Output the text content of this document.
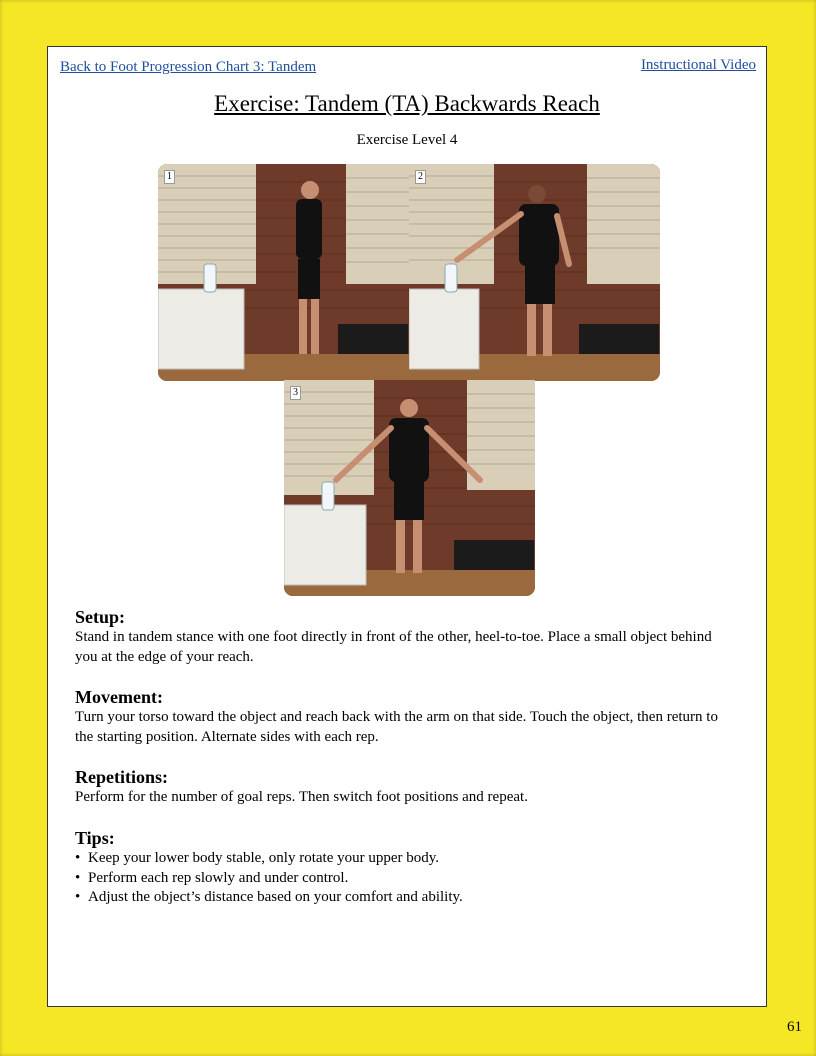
Back to Foot Progression Chart 3: Tandem	Instructional Video
Exercise: Tandem (TA) Backwards Reach
Exercise Level 4
1	2
3
Setup:
Stand in tandem stance with one foot directly in front of the other, heel-to-toe. Place a small object behind you at the edge of your reach.
Movement:
Turn your torso toward the object and reach back with the arm on that side. Touch the object, then return to the starting position. Alternate sides with each rep.
Repetitions:
Perform for the number of goal reps. Then switch foot positions and repeat.
Tips:
• Keep your lower body stable, only rotate your upper body.
• Perform each rep slowly and under control.
• Adjust the object’s distance based on your comfort and ability.
61
